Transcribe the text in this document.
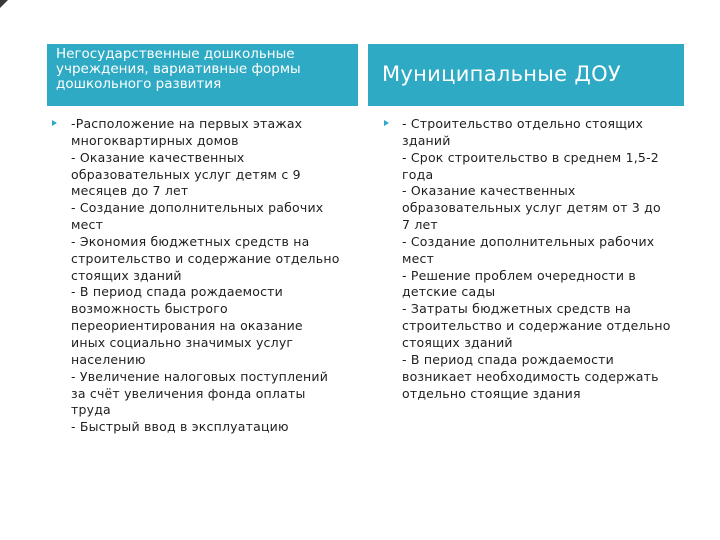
Негосударственные дошкольные
учреждения, вариативные формы
дошкольного развития	Муниципальные ДОУ
-Расположение на первых этажах
многоквартирных домов
- Оказание качественных
образовательных услуг детям с 9
месяцев до 7 лет
- Создание дополнительных рабочих
мест
- Экономия бюджетных средств на
строительство и содержание отдельно
стоящих зданий
- В период спада рождаемости
возможность быстрого
переориентирования на оказание
иных социально значимых услуг
населению
- Увеличение налоговых поступлений
за счёт увеличения фонда оплаты
труда
- Быстрый ввод в эксплуатацию
- Строительство отдельно стоящих
зданий
- Срок строительство в среднем 1,5-2
года
- Оказание качественных
образовательных услуг детям от 3 до
7 лет
- Создание дополнительных рабочих
мест
- Решение проблем очередности в
детские сады
- Затраты бюджетных средств на
строительство и содержание отдельно
стоящих зданий
- В период спада рождаемости
возникает необходимость содержать
отдельно стоящие здания
